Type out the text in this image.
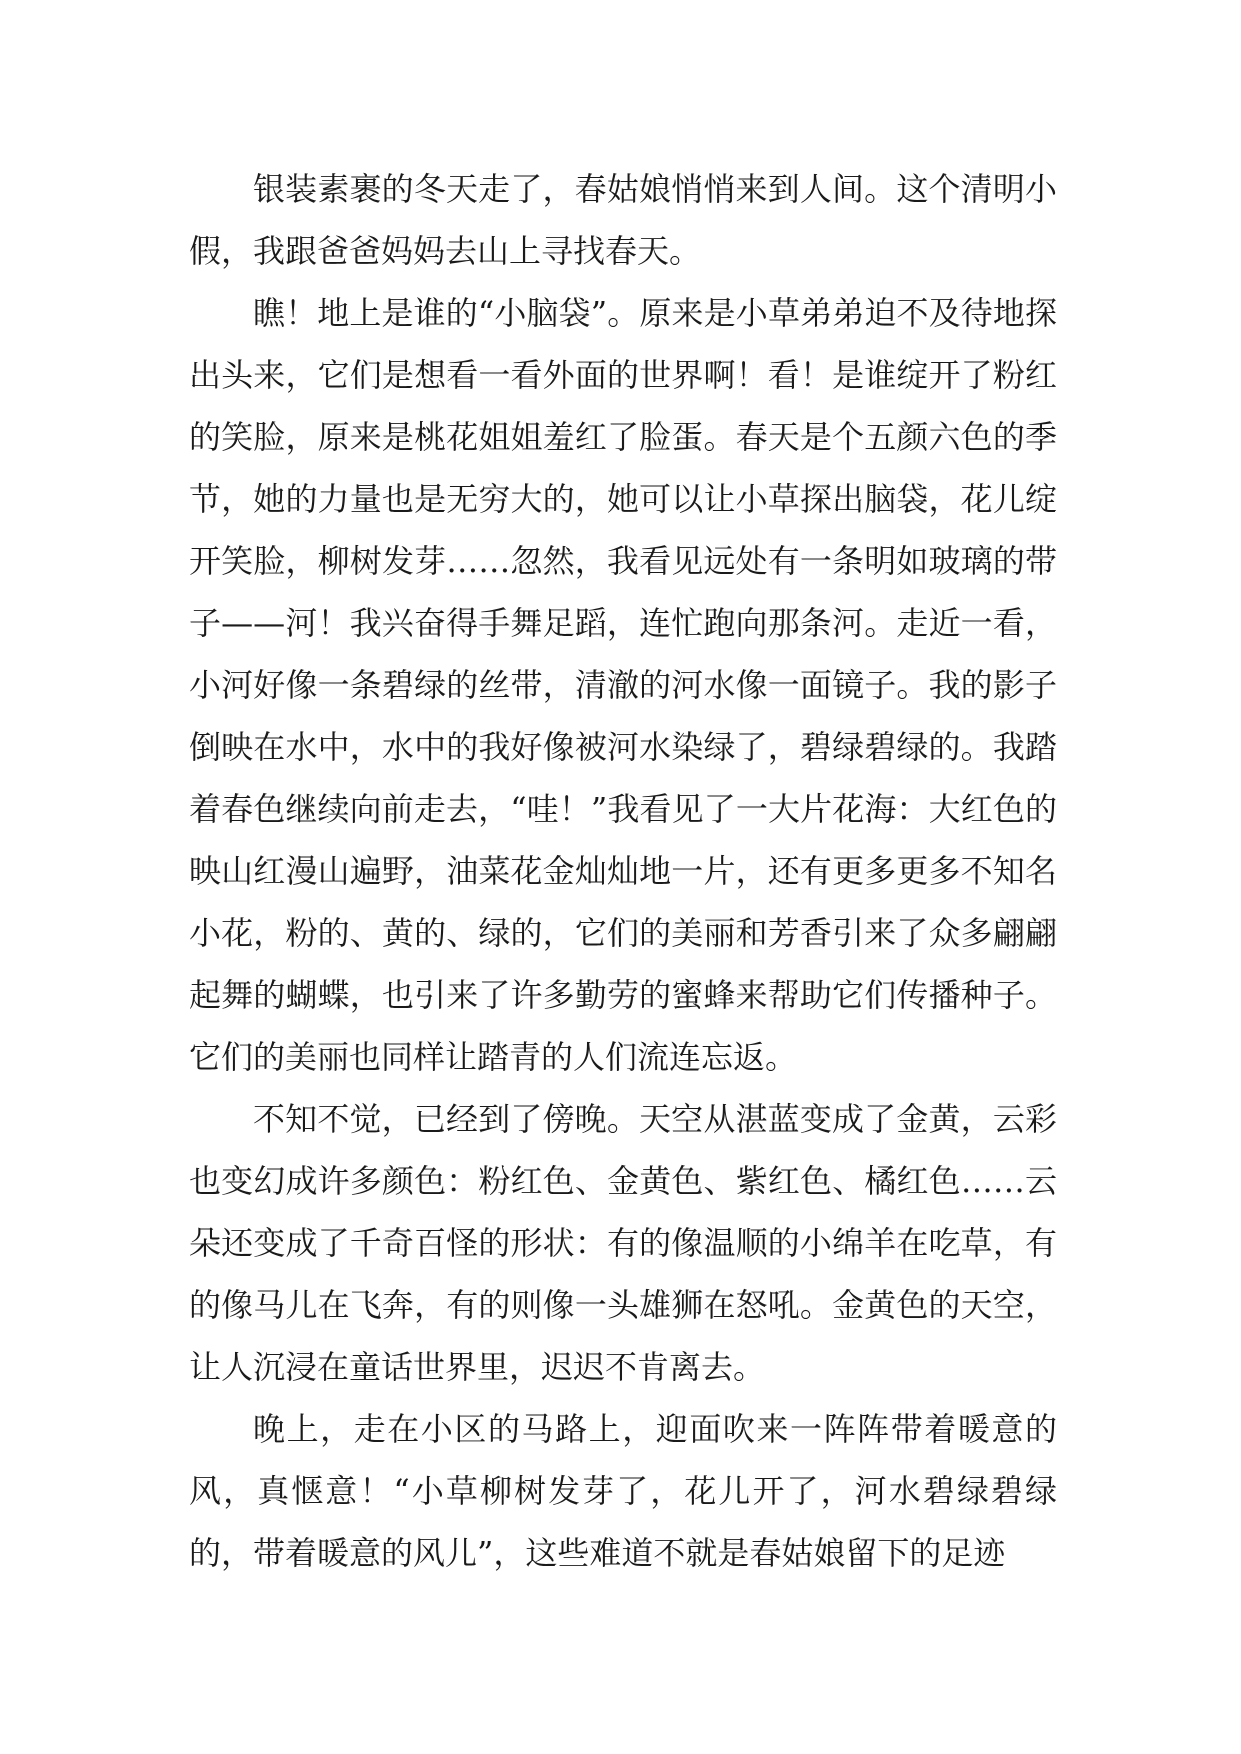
银装素裹的冬天走了，春姑娘悄悄来到人间。这个清明小假，我跟爸爸妈妈去山上寻找春天。

瞧！地上是谁的“小脑袋”。原来是小草弟弟迫不及待地探出头来，它们是想看一看外面的世界啊！看！是谁绽开了粉红的笑脸，原来是桃花姐姐羞红了脸蛋。春天是个五颜六色的季节，她的力量也是无穷大的，她可以让小草探出脑袋，花儿绽开笑脸，柳树发芽……忽然，我看见远处有一条明如玻璃的带子——河！我兴奋得手舞足蹈，连忙跑向那条河。走近一看，小河好像一条碧绿的丝带，清澈的河水像一面镜子。我的影子倒映在水中，水中的我好像被河水染绿了，碧绿碧绿的。我踏着春色继续向前走去，“哇！”我看见了一大片花海：大红色的映山红漫山遍野，油菜花金灿灿地一片，还有更多更多不知名小花，粉的、黄的、绿的，它们的美丽和芳香引来了众多翩翩起舞的蝴蝶，也引来了许多勤劳的蜜蜂来帮助它们传播种子。它们的美丽也同样让踏青的人们流连忘返。

不知不觉，已经到了傍晚。天空从湛蓝变成了金黄，云彩也变幻成许多颜色：粉红色、金黄色、紫红色、橘红色……云朵还变成了千奇百怪的形状：有的像温顺的小绵羊在吃草，有的像马儿在飞奔，有的则像一头雄狮在怒吼。金黄色的天空，让人沉浸在童话世界里，迟迟不肯离去。

晚上，走在小区的马路上，迎面吹来一阵阵带着暖意的风，真惬意！“小草柳树发芽了，花儿开了，河水碧绿碧绿的，带着暖意的风儿”，这些难道不就是春姑娘留下的足迹
